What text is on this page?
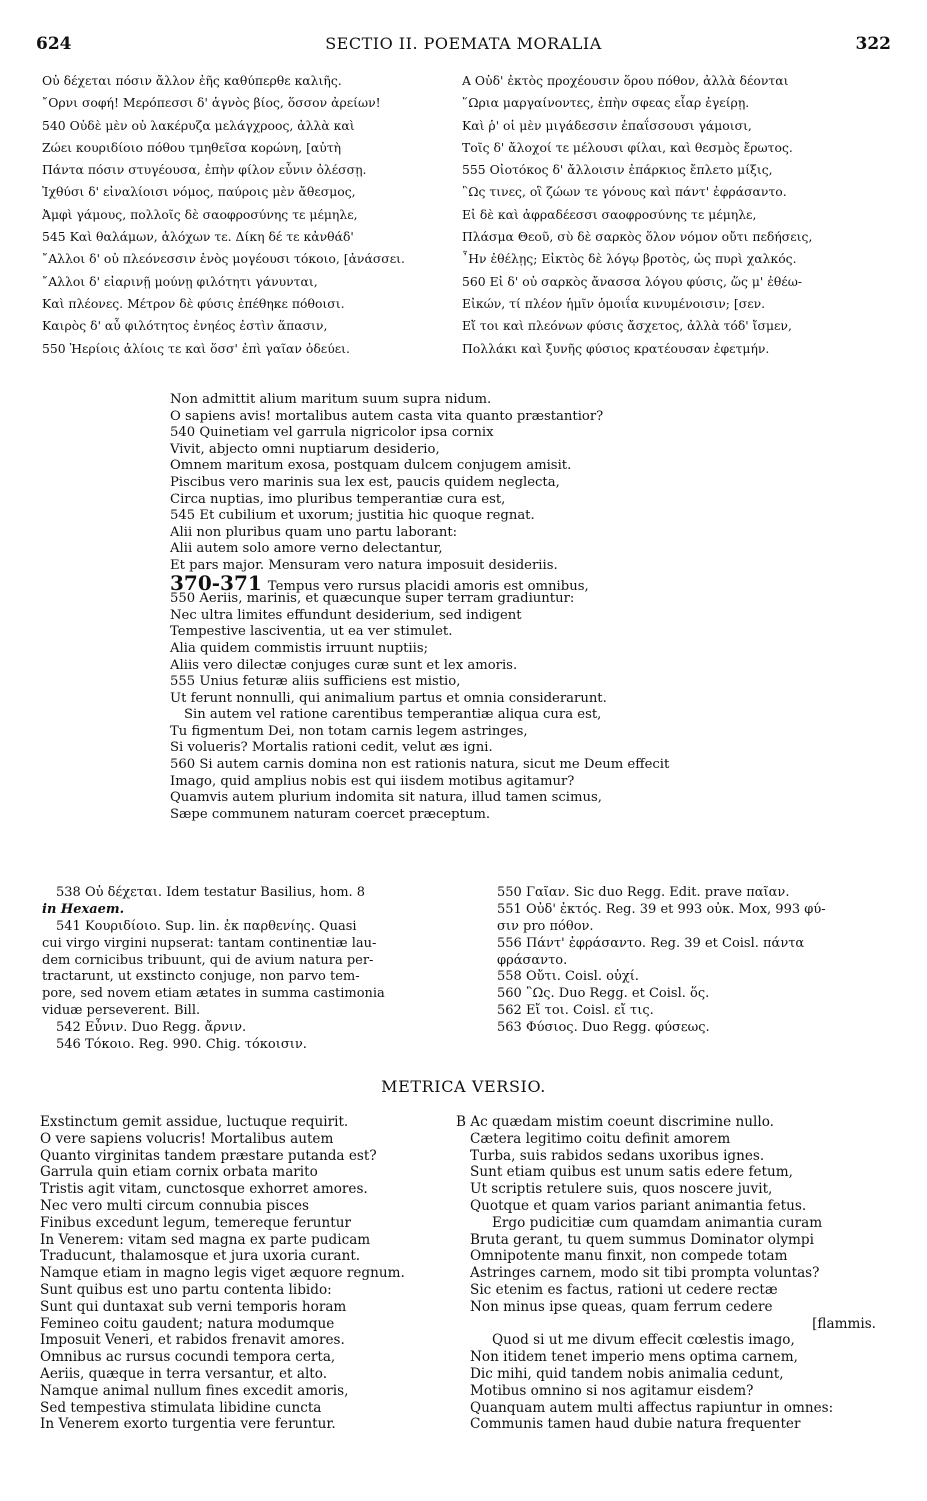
624	SECTIO II. POEMATA MORALIA	322
Οὐ δέχεται πόσιν ἄλλον ἐῆς καθύπερθε καλιῆς.
῎Ορνι σοφή! Μερόπεσσι δ' ἁγνὸς βίος, ὅσσον ἀρείων!
540 Οὐδὲ μὲν οὐ λακέρυζα μελάγχροος, ἀλλὰ καὶ
Ζώει κουριδίοιο πόθου τμηθεῖσα κορώνη, [αὐτὴ
Πάντα πόσιν στυγέουσα, ἐπὴν φίλον εὖνιν ὀλέσσῃ.
Ἰχθύσι δ' εἰναλίοισι νόμος, παύροις μὲν ἄθεσμος,
Ἀμφὶ γάμους, πολλοῖς δὲ σαοφροσύνης τε μέμηλε,
545 Καὶ θαλάμων, ἀλόχων τε. Δίκη δέ τε κἀνθάδ'
῎Αλλοι δ' οὐ πλεόνεσσιν ἑνὸς μογέουσι τόκοιο, [ἀνάσσει.
῎Αλλοι δ' εἰαρινῇ μούνῃ φιλότητι γάνυνται,
Καὶ πλέονες. Μέτρον δὲ φύσις ἐπέθηκε πόθοισι.
Καιρὸς δ' αὖ φιλότητος ἐνηέος ἐστὶν ἅπασιν,
550 Ἠερίοις ἁλίοις τε καὶ ὅσσ' ἐπὶ γαῖαν ὁδεύει.
A Οὐδ' ἐκτὸς προχέουσιν ὅρου πόθον, ἀλλὰ δέονται
῞Ωρια μαργαίνοντες, ἐπὴν σφεας εἶαρ ἐγείρῃ.
Καὶ ῥ' οἱ μὲν μιγάδεσσιν ἐπαΐσσουσι γάμοισι,
Τοῖς δ' ἄλοχοί τε μέλουσι φίλαι, καὶ θεσμὸς ἔρωτος.
555 Οἰοτόκος δ' ἄλλοισιν ἐπάρκιος ἔπλετο μίξις,
῝Ως τινες, οἳ ζώων τε γόνους καὶ πάντ' ἐφράσαντο.
Εἰ δὲ καὶ ἀφραδέεσσι σαοφροσύνης τε μέμηλε,
Πλάσμα Θεοῦ, σὺ δὲ σαρκὸς ὅλον νόμον οὔτι πεδήσεις,
῏Ην ἐθέλῃς; Εἰκτὸς δὲ λόγῳ βροτὸς, ὡς πυρὶ χαλκός.
560 Εἰ δ' οὐ σαρκὸς ἄνασσα λόγου φύσις, ὥς μ' ἐθέω-
Εἰκών, τί πλέον ἡμῖν ὁμοιΐα κινυμένοισιν; [σεν.
Εἴ τοι καὶ πλεόνων φύσις ἄσχετος, ἀλλὰ τόδ' ἴσμεν,
Πολλάκι καὶ ξυνῆς φύσιος κρατέουσαν ἐφετμήν.
Non admittit alium maritum suum supra nidum.
O sapiens avis! mortalibus autem casta vita quanto præstantior?
540 Quinetiam vel garrula nigricolor ipsa cornix
Vivit, abjecto omni nuptiarum desiderio,
Omnem maritum exosa, postquam dulcem conjugem amisit.
Piscibus vero marinis sua lex est, paucis quidem neglecta,
Circa nuptias, imo pluribus temperantiæ cura est,
545 Et cubilium et uxorum; justitia hic quoque regnat.
Alii non pluribus quam uno partu laborant:
Alii autem solo amore verno delectantur,
Et pars major. Mensuram vero natura imposuit desideriis.
370-371 Tempus vero rursus placidi amoris est omnibus,
550 Aeriis, marinis, et quæcunque super terram gradiuntur:
Nec ultra limites effundunt desiderium, sed indigent
Tempestive lasciventia, ut ea ver stimulet.
Alia quidem commistis irruunt nuptiis;
Aliis vero dilectæ conjuges curæ sunt et lex amoris.
555 Unius feturæ aliis sufficiens est mistio,
Ut ferunt nonnulli, qui animalium partus et omnia considerarunt.
Sin autem vel ratione carentibus temperantiæ aliqua cura est,
Tu figmentum Dei, non totam carnis legem astringes,
Si volueris? Mortalis rationi cedit, velut æs igni.
560 Si autem carnis domina non est rationis natura, sicut me Deum effecit
Imago, quid amplius nobis est qui iisdem motibus agitamur?
Quamvis autem plurium indomita sit natura, illud tamen scimus,
Sæpe communem naturam coercet præceptum.
538 Οὐ δέχεται. Idem testatur Basilius, hom. 8
in Hexaem.
541 Κουριδίοιο. Sup. lin. ἐκ παρθενίης. Quasi
cui virgo virgini nupserat: tantam continentiæ lau-
dem cornicibus tribuunt, qui de avium natura per-
tractarunt, ut exstincto conjuge, non parvo tem-
pore, sed novem etiam ætates in summa castimonia
viduæ perseverent. Bill.
542 Εὖνιν. Duo Regg. ἄρνιν.
546 Τόκοιο. Reg. 990. Chig. τόκοισιν.
550 Γαῖαν. Sic duo Regg. Edit. prave παῖαν.
551 Οὐδ' ἐκτός. Reg. 39 et 993 οὐκ. Mox, 993 φύ-
σιν pro πόθον.
556 Πάντ' ἐφράσαντο. Reg. 39 et Coisl. πάντα
φράσαντο.
558 Οὔτι. Coisl. οὐχί.
560 ῝Ως. Duo Regg. et Coisl. ὅς.
562 Εἴ τοι. Coisl. εἴ τις.
563 Φύσιος. Duo Regg. φύσεως.
METRICA VERSIO.
Exstinctum gemit assidue, luctuque requirit.
O vere sapiens volucris! Mortalibus autem
Quanto virginitas tandem præstare putanda est?
Garrula quin etiam cornix orbata marito
Tristis agit vitam, cunctosque exhorret amores.
Nec vero multi circum connubia pisces
Finibus excedunt legum, temereque feruntur
In Venerem: vitam sed magna ex parte pudicam
Traducunt, thalamosque et jura uxoria curant.
Namque etiam in magno legis viget æquore regnum.
Sunt quibus est uno partu contenta libido:
Sunt qui duntaxat sub verni temporis horam
Femineo coitu gaudent; natura modumque
Imposuit Veneri, et rabidos frenavit amores.
Omnibus ac rursus cocundi tempora certa,
Aeriis, quæque in terra versantur, et alto.
Namque animal nullum fines excedit amoris,
Sed tempestiva stimulata libidine cuncta
In Venerem exorto turgentia vere feruntur.
B Ac quædam mistim coeunt discrimine nullo.
Cætera legitimo coitu definit amorem
Turba, suis rabidos sedans uxoribus ignes.
Sunt etiam quibus est unum satis edere fetum,
Ut scriptis retulere suis, quos noscere juvit,
Quotque et quam varios pariant animantia fetus.
Ergo pudicitiæ cum quamdam animantia curam
Bruta gerant, tu quem summus Dominator olympi
Omnipotente manu finxit, non compede totam
Astringes carnem, modo sit tibi prompta voluntas?
Sic etenim es factus, rationi ut cedere rectæ
Non minus ipse queas, quam ferrum cedere
[flammis.
Quod si ut me divum effecit cœlestis imago,
Non itidem tenet imperio mens optima carnem,
Dic mihi, quid tandem nobis animalia cedunt,
Motibus omnino si nos agitamur eisdem?
Quanquam autem multi affectus rapiuntur in omnes:
Communis tamen haud dubie natura frequenter
